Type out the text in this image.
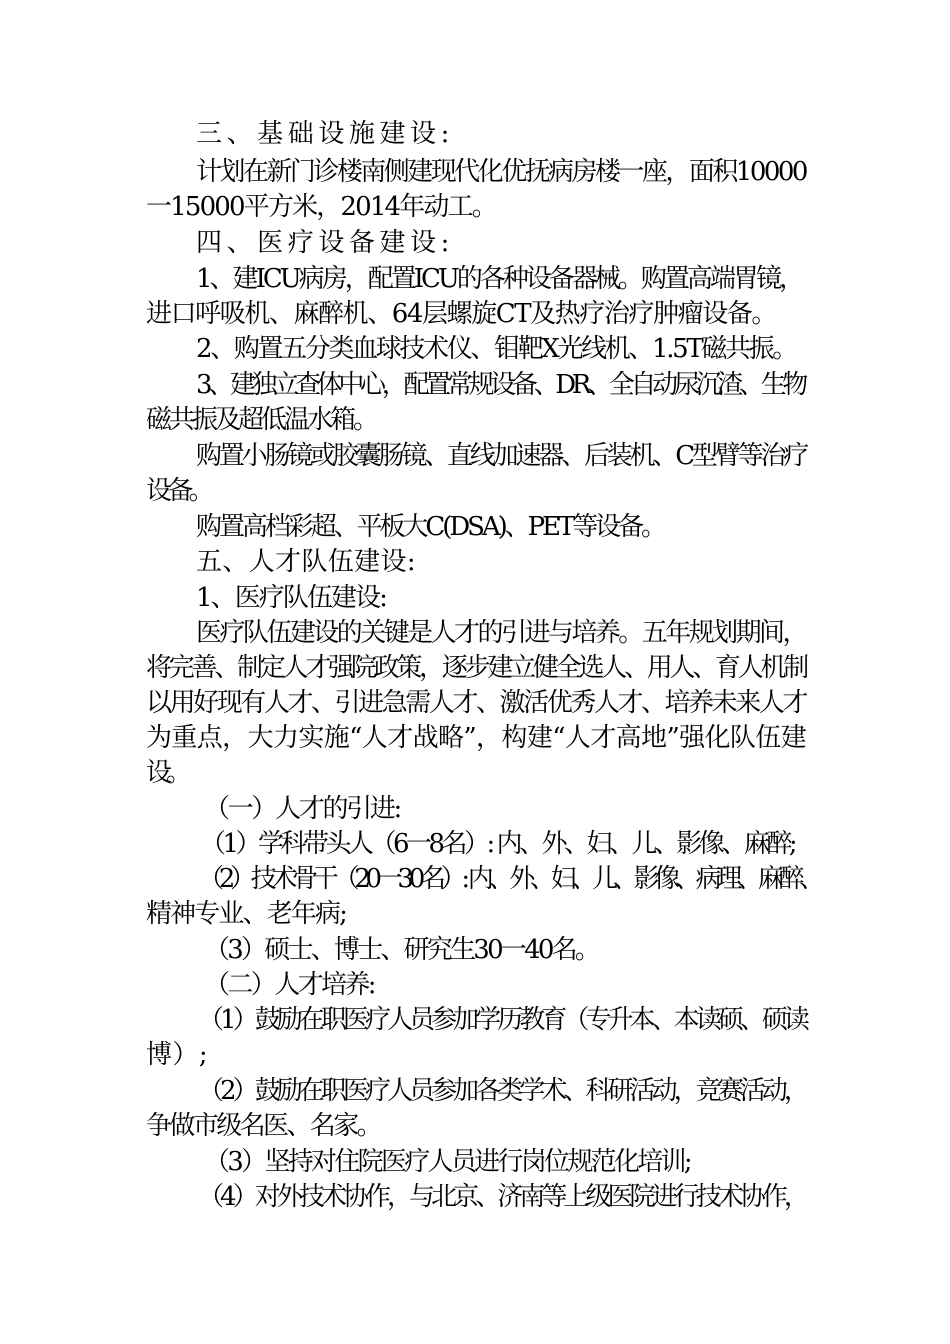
三、基础设施建设:
计划在新门诊楼南侧建现代化优抚病房楼一座，面积10000
一15000平方米，2014年动工。
四、医疗设备建设:
1、建ICU病房，配置ICU的各种设备器械。购置高端胃镜，
进口呼吸机、麻醉机、64层螺旋CT及热疗治疗肿瘤设备。
2、购置五分类血球技术仪、钼靶X光线机、1.5T磁共振。
3、建独立查体中心，配置常规设备、DR、全自动尿沉渣、生物
磁共振及超低温水箱。
购置小肠镜或胶囊肠镜、直线加速器、后装机、C型臂等治疗
设备。
购置高档彩超、平板大C(DSA)、PET等设备。
五、人才队伍建设:
1、医疗队伍建设:
医疗队伍建设的关键是人才的引进与培养。五年规划期间，
将完善、制定人才强院政策，逐步建立健全选人、用人、育人机制
以用好现有人才、引进急需人才、激活优秀人才、培养未来人才
为重点，大力实施“人才战略”，构建“人才高地”强化队伍建
设。
（一）人才的引进:
（1）学科带头人（6一8名）: 内、外、妇、儿、影像、麻醉;
（2）技术骨干（20一30名）: 内、外、妇、儿、影像、病理、麻醉、
精神专业、老年病;
（3）硕士、博士、研究生30一40名。
（二）人才培养:
（1）鼓励在职医疗人员参加学历教育（专升本、本读硕、硕读
博）;
（2）鼓励在职医疗人员参加各类学术、科研活动，竞赛活动，
争做市级名医、名家。
（3）坚持对住院医疗人员进行岗位规范化培训;
（4）对外技术协作，与北京、济南等上级医院进行技术协作，
